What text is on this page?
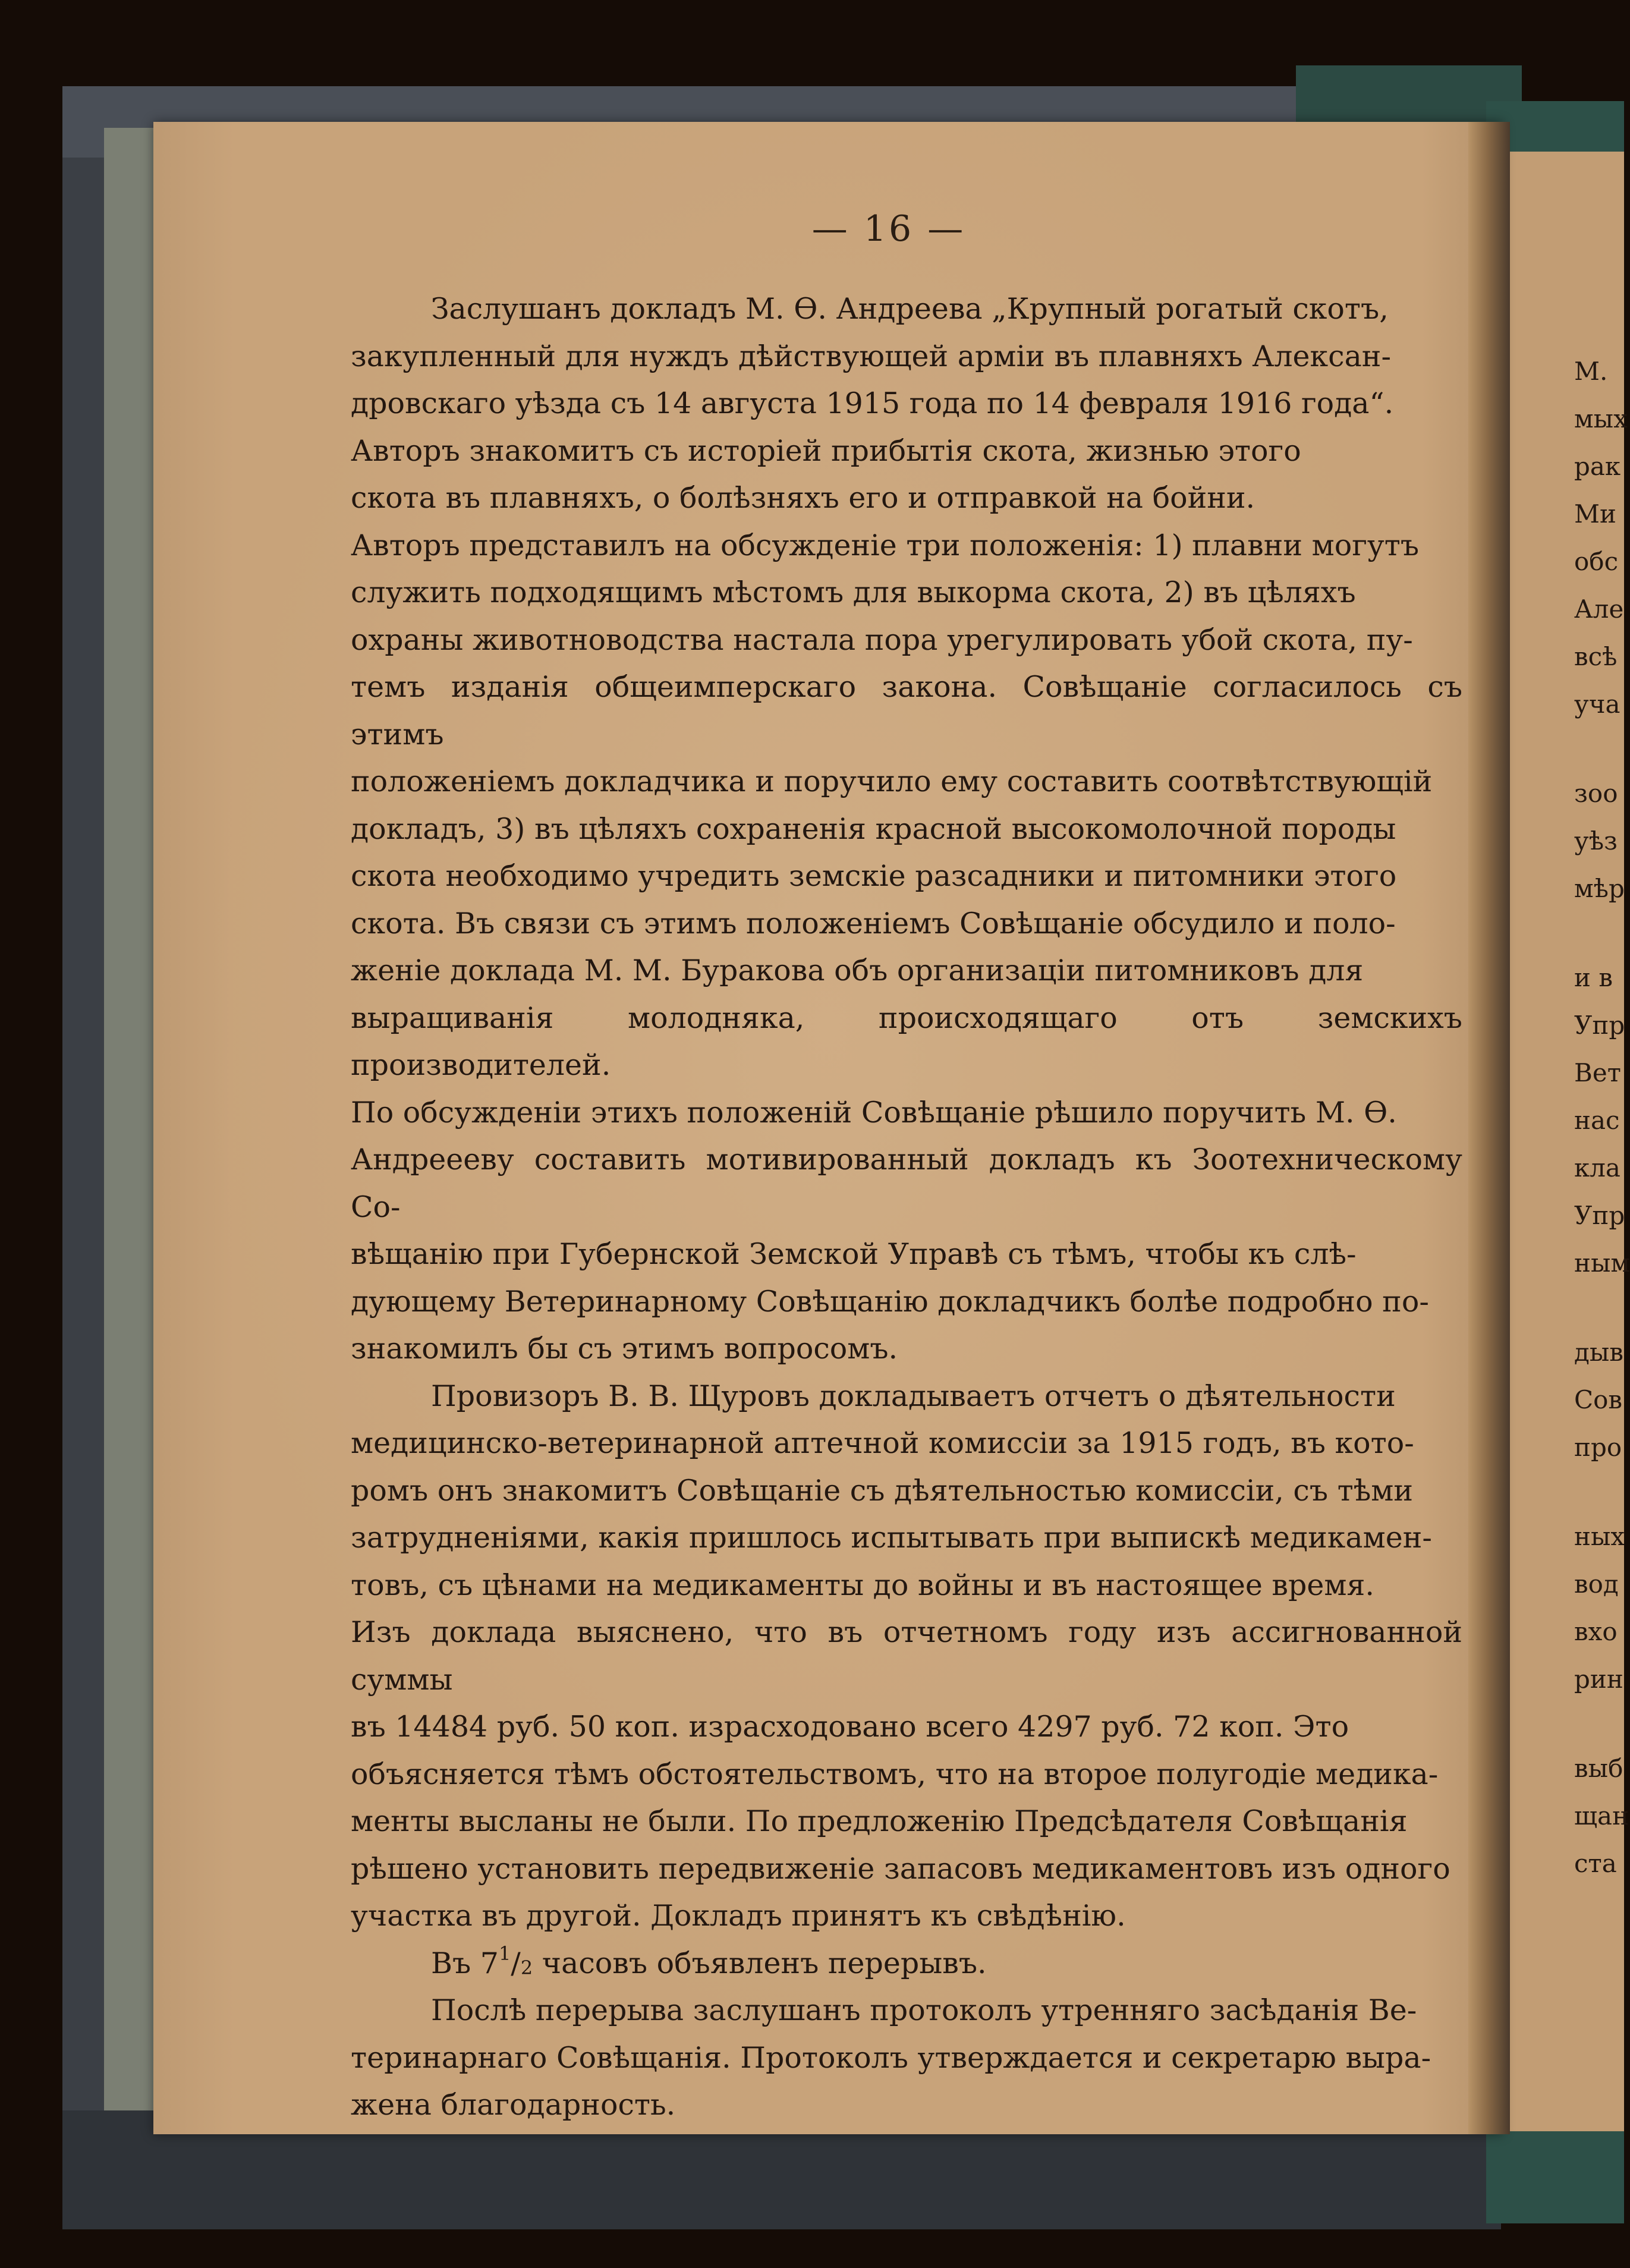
— 16 —

Заслушанъ докладъ М. Ѳ. Андреева „Крупный рогатый скотъ,
закупленный для нуждъ дѣйствующей арміи въ плавняхъ Алексан-
дровскаго уѣзда съ 14 августа 1915 года по 14 февраля 1916 года“.
Авторъ знакомитъ съ исторіей прибытія скота, жизнью этого
скота въ плавняхъ, о болѣзняхъ его и отправкой на бойни.
Авторъ представилъ на обсужденіе три положенія: 1) плавни могутъ
служить подходящимъ мѣстомъ для выкорма скота, 2) въ цѣляхъ
охраны животноводства настала пора урегулировать убой скота, пу-
темъ изданія общеимперскаго закона. Совѣщаніе согласилось съ этимъ
положеніемъ докладчика и поручило ему составить соотвѣтствующій
докладъ, 3) въ цѣляхъ сохраненія красной высокомолочной породы
скота необходимо учредить земскіе разсадники и питомники этого
скота. Въ связи съ этимъ положеніемъ Совѣщаніе обсудило и поло-
женіе доклада М. М. Буракова объ организаціи питомниковъ для
выращиванія молодняка, происходящаго отъ земскихъ производителей.
По обсужденіи этихъ положеній Совѣщаніе рѣшило поручить М. Ѳ.
Андреееву составить мотивированный докладъ къ Зоотехническому Со-
вѣщанію при Губернской Земской Управѣ съ тѣмъ, чтобы къ слѣ-
дующему Ветеринарному Совѣщанію докладчикъ болѣе подробно по-
знакомилъ бы съ этимъ вопросомъ.

Провизоръ В. В. Щуровъ докладываетъ отчетъ о дѣятельности
медицинско-ветеринарной аптечной комиссіи за 1915 годъ, въ кото-
ромъ онъ знакомитъ Совѣщаніе съ дѣятельностью комиссіи, съ тѣми
затрудненіями, какія пришлось испытывать при выпискѣ медикамен-
товъ, съ цѣнами на медикаменты до войны и въ настоящее время.
Изъ доклада выяснено, что въ отчетномъ году изъ ассигнованной суммы
въ 14484 руб. 50 коп. израсходовано всего 4297 руб. 72 коп. Это
объясняется тѣмъ обстоятельствомъ, что на второе полугодіе медика-
менты высланы не были. По предложенію Предсѣдателя Совѣщанія
рѣшено установить передвиженіе запасовъ медикаментовъ изъ одного
участка въ другой. Докладъ принятъ къ свѣдѣнію.

Въ $7^1/_2$ часовъ объявленъ перерывъ.

Послѣ перерыва заслушанъ протоколъ утренняго засѣданія Ве-
теринарнаго Совѣщанія. Протоколъ утверждается и секретарю выра-
жена благодарность.

М.
мых
рак
Ми
обс
Але
всѣ
уча
зоо
уѣз
мѣр
и в
Упр
Вет
нас
кла
Упр
ным
дыв
Сов
про
ных
вод
вхо
рин
выб
щан
ста
